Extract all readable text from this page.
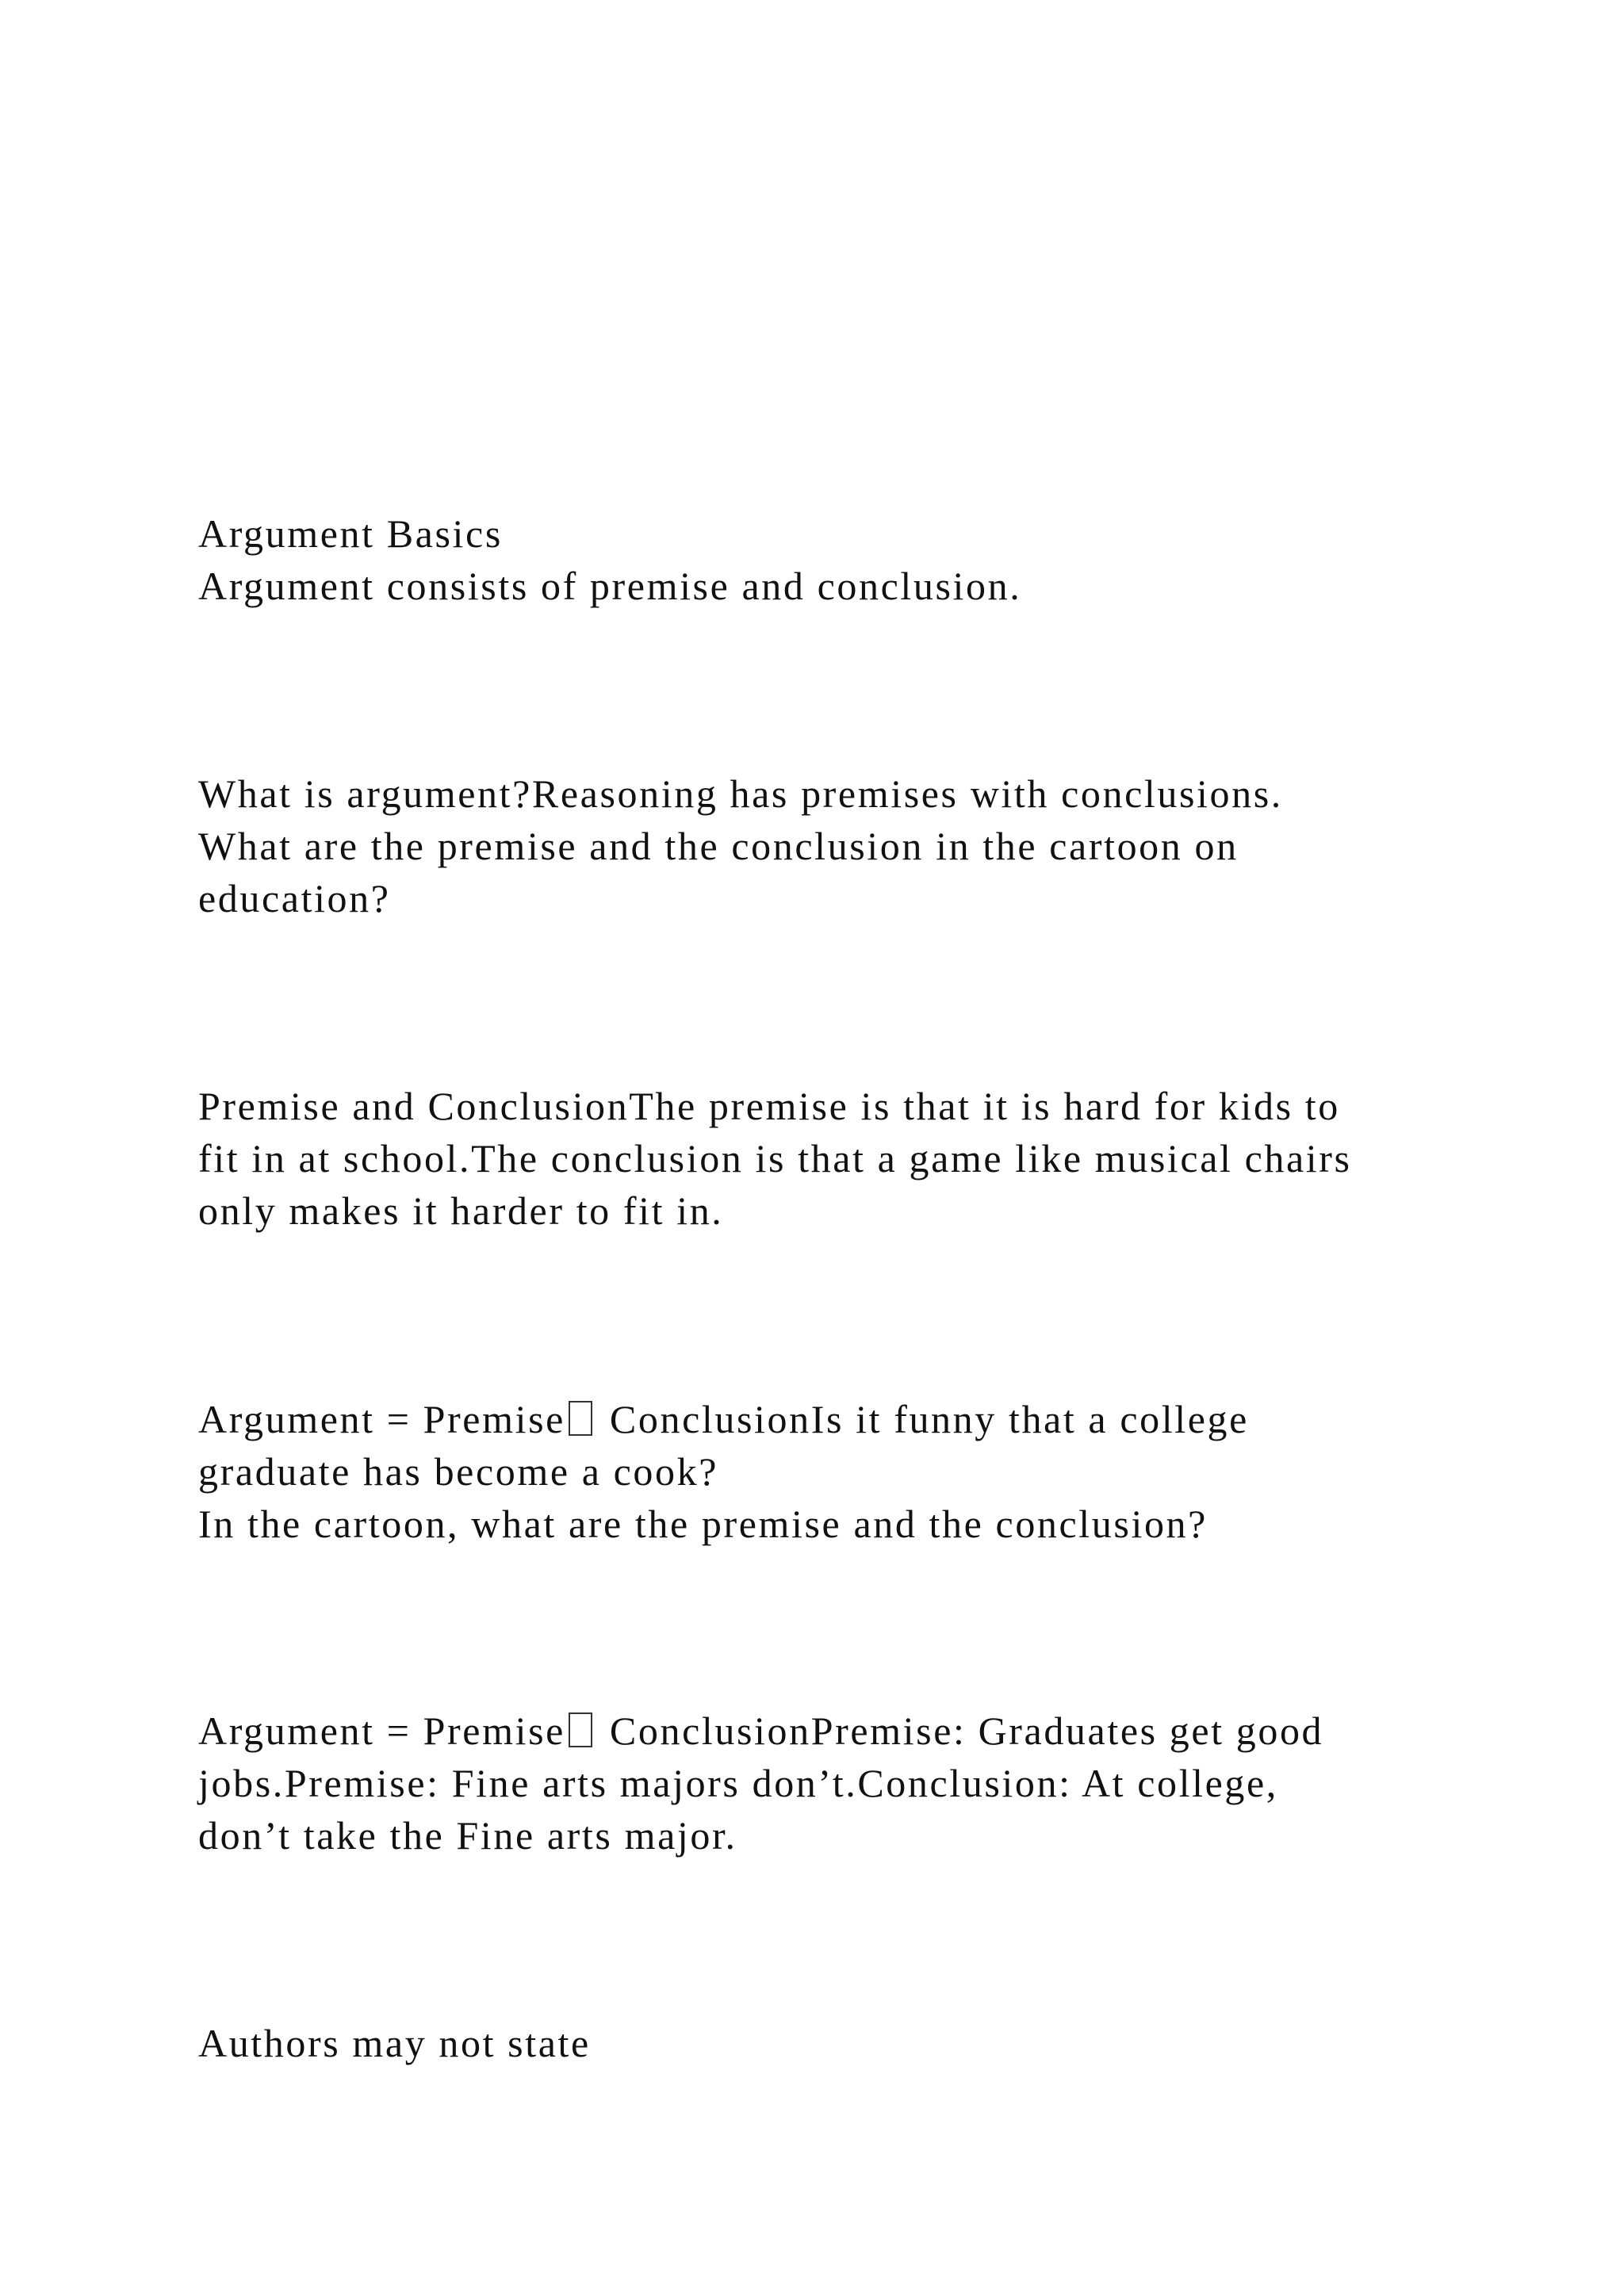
Argument Basics
Argument consists of premise and conclusion.
What is argument?Reasoning has premises with conclusions.
What are the premise and the conclusion in the cartoon on
education?
Premise and ConclusionThe premise is that it is hard for kids to
fit in at school.The conclusion is that a game like musical chairs
only makes it harder to fit in.
Argument = Premise ConclusionIs it funny that a college
graduate has become a cook?
In the cartoon, what are the premise and the conclusion?
Argument = Premise ConclusionPremise: Graduates get good
jobs.Premise: Fine arts majors don’t.Conclusion: At college,
don’t take the Fine arts major.
Authors may not state
